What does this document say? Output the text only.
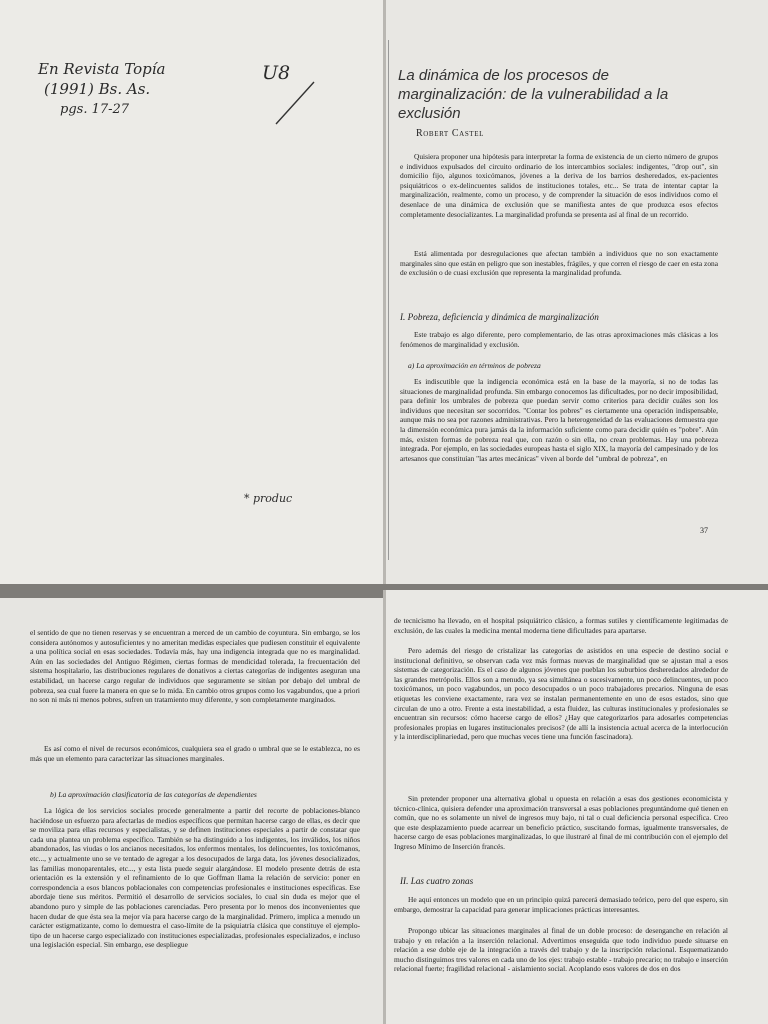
En Revista Topía
(1991) Bs. As.
pgs. 17-27
U8
* produc
La dinámica de los procesos de marginalización: de la vulnerabilidad a la exclusión
Robert Castel

Quisiera proponer una hipótesis para interpretar la forma de existencia de un cierto número de grupos e individuos expulsados del circuito ordinario de los intercambios sociales: indigentes, "drop out", sin domicilio fijo, algunos toxicómanos, jóvenes a la deriva de los barrios desheredados, ex-pacientes psiquiátricos o ex-delincuentes salidos de instituciones totales, etc... Se trata de intentar captar la marginalización, realmente, como un proceso, y de comprender la situación de esos individuos como el desenlace de una dinámica de exclusión que se manifiesta antes de que produzca esos efectos completamente desocializantes. La marginalidad profunda se presenta así al final de un recorrido.

Está alimentada por desregulaciones que afectan también a individuos que no son exactamente marginales sino que están en peligro que son inestables, frágiles, y que corren el riesgo de caer en esta zona de exclusión o de cuasi exclusión que representa la marginalidad profunda.

I. Pobreza, deficiencia y dinámica de marginalización

Este trabajo es algo diferente, pero complementario, de las otras aproximaciones más clásicas a los fenómenos de marginalidad y exclusión.

a) La aproximación en términos de pobreza

Es indiscutible que la indigencia económica está en la base de la mayoría, si no de todas las situaciones de marginalidad profunda. Sin embargo conocemos las dificultades, por no decir imposibilidad, para definir los umbrales de pobreza que puedan servir como criterios para decidir cuáles son los individuos que necesitan ser socorridos. "Contar los pobres" es ciertamente una operación indispensable, aunque más no sea por razones administrativas. Pero la heterogeneidad de las evaluaciones demuestra que la dimensión económica pura jamás da la información suficiente como para decidir quién es "pobre". Aún más, existen formas de pobreza real que, con razón o sin ella, no crean problemas. Hay una pobreza integrada. Por ejemplo, en las sociedades europeas hasta el siglo XIX, la mayoría del campesinado y de los artesanos que constituían "las artes mecánicas" viven al borde del "umbral de pobreza", en

37

el sentido de que no tienen reservas y se encuentran a merced de un cambio de coyuntura. Sin embargo, se los considera autónomos y autosuficientes y no ameritan medidas especiales que pudiesen constituir el equivalente a una política social en esas sociedades. Todavía más, hay una indigencia integrada que no es marginalidad. Aún en las sociedades del Antiguo Régimen, ciertas formas de mendicidad tolerada, la frecuentación del sistema hospitalario, las distribuciones regulares de donativos a ciertas categorías de indigentes aseguran una estabilidad, un hacerse cargo regular de individuos que seguramente se sitúan por debajo del umbral de pobreza, sea cual fuere la manera en que se lo mida. En cambio otros grupos como los vagabundos, que a priori no son ni más ni menos pobres, sufren un tratamiento muy diferente, y son completamente marginados.

Es así como el nivel de recursos económicos, cualquiera sea el grado o umbral que se le establezca, no es más que un elemento para caracterizar las situaciones marginales.

b) La aproximación clasificatoria de las categorías de dependientes

La lógica de los servicios sociales procede generalmente a partir del recorte de poblaciones-blanco haciéndose un esfuerzo para afectarlas de medios específicos que permitan hacerse cargo de ellas, es decir que se moviliza para ellas recursos y especialistas, y se definen instituciones especiales a partir de constatar que cada una plantea un problema específico. También se ha distinguido a los indigentes, los inválidos, los niños abandonados, las viudas o los ancianos necesitados, los enfermos mentales, los delincuentes, los toxicómanos, etc..., y actualmente uno se ve tentado de agregar a los desocupados de larga data, los jóvenes desocializados, las familias monoparentales, etc..., y esta lista puede seguir alargándose. El modelo presente detrás de esta orientación es la extensión y el refinamiento de lo que Goffman llama la relación de servicio: poner en correspondencia a esos blancos poblacionales con competencias profesionales e instituciones específicas. Ese abordaje tiene sus méritos. Permitió el desarrollo de servicios sociales, lo cual sin duda es mejor que el abandono puro y simple de las poblaciones carenciadas. Pero presenta por lo menos dos inconvenientes que hacen dudar de que ésta sea la mejor vía para hacerse cargo de la marginalidad. Primero, implica a menudo un carácter estigmatizante, como lo demuestra el caso-límite de la psiquiatría clásica que constituye el ejemplo-tipo de un hacerse cargo especializado con instituciones especializadas, profesionales especializados, e incluso una legislación especial. Sin embargo, ese despliegue

de tecnicismo ha llevado, en el hospital psiquiátrico clásico, a formas sutiles y científicamente legitimadas de exclusión, de las cuales la medicina mental moderna tiene dificultades para apartarse.

Pero además del riesgo de cristalizar las categorías de asistidos en una especie de destino social e institucional definitivo, se observan cada vez más formas nuevas de marginalidad que se ajustan mal a esos sistemas de categorización. Es el caso de algunos jóvenes que pueblan los suburbios desheredados alrededor de las grandes metrópolis. Ellos son a menudo, ya sea simultánea o sucesivamente, un poco delincuentes, un poco toxicómanos, un poco vagabundos, un poco desocupados o un poco trabajadores precarios. Ninguna de esas etiquetas les conviene exactamente, rara vez se instalan permanentemente en uno de esos estados, sino que circulan de uno a otro. Frente a esta inestabilidad, a esta fluidez, las culturas institucionales y profesionales se encuentran sin recursos: cómo hacerse cargo de ellos? ¿Hay que categorizarlos para adosarles competencias profesionales propias en lugares institucionales precisos? (de allí la insistencia actual acerca de la interlocución y la interdisciplinariedad, pero que muchas veces tiene una función fascinadora).

Sin pretender proponer una alternativa global u opuesta en relación a esas dos gestiones economicista y técnico-clínica, quisiera defender una aproximación transversal a esas poblaciones preguntándome qué tienen en común, que no es solamente un nivel de ingresos muy bajo, ni tal o cual deficiencia personal específica. Creo que este desplazamiento puede acarrear un beneficio práctico, suscitando formas, igualmente transversales, de hacerse cargo de esas poblaciones marginalizadas, lo que ilustraré al final de mi contribución con el ejemplo del Ingreso Mínimo de Inserción francés.

II. Las cuatro zonas

He aquí entonces un modelo que en un principio quizá parecerá demasiado teórico, pero del que espero, sin embargo, demostrar la capacidad para generar implicaciones prácticas interesantes.

Propongo ubicar las situaciones marginales al final de un doble proceso: de desenganche en relación al trabajo y en relación a la inserción relacional. Advertimos enseguida que todo individuo puede situarse en relación a ese doble eje de la integración a través del trabajo y de la inscripción relacional. Esquematizando mucho distinguimos tres valores en cada uno de los ejes: trabajo estable - trabajo precario; no trabajo e inserción relacional fuerte; fragilidad relacional - aislamiento social. Acoplando esos valores de dos en dos
